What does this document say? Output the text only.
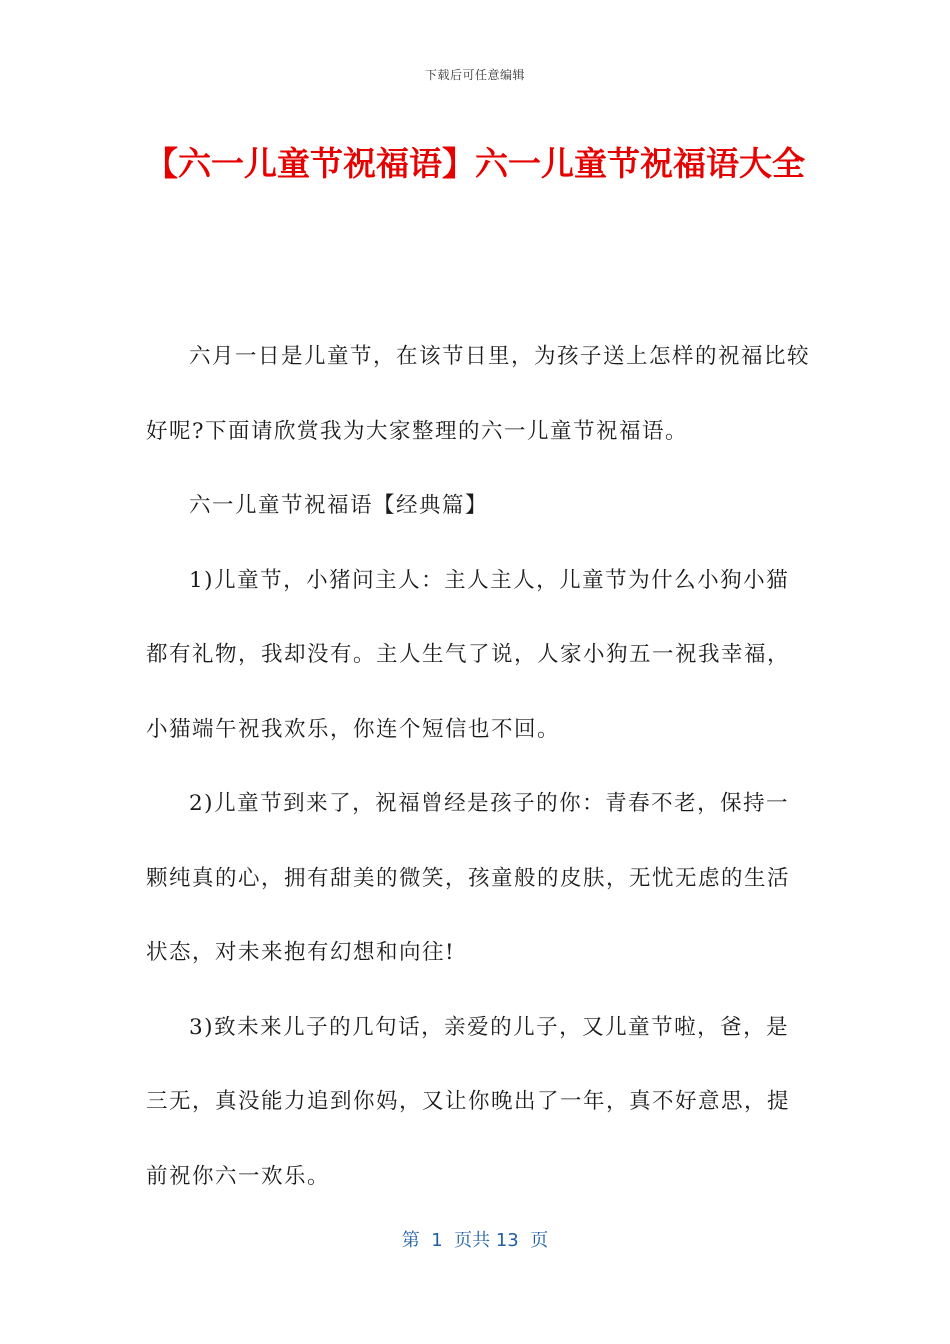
下载后可任意编辑
【六一儿童节祝福语】六一儿童节祝福语大全

六月一日是儿童节，在该节日里，为孩子送上怎样的祝福比较好呢?下面请欣赏我为大家整理的六一儿童节祝福语。

六一儿童节祝福语【经典篇】

1)儿童节，小猪问主人：主人主人，儿童节为什么小狗小猫都有礼物，我却没有。主人生气了说，人家小狗五一祝我幸福，小猫端午祝我欢乐，你连个短信也不回。

2)儿童节到来了，祝福曾经是孩子的你：青春不老，保持一颗纯真的心，拥有甜美的微笑，孩童般的皮肤，无忧无虑的生活状态，对未来抱有幻想和向往!

3)致未来儿子的几句话，亲爱的儿子，又儿童节啦，爸，是三无，真没能力追到你妈，又让你晚出了一年，真不好意思，提前祝你六一欢乐。

第  1  页共 13  页
